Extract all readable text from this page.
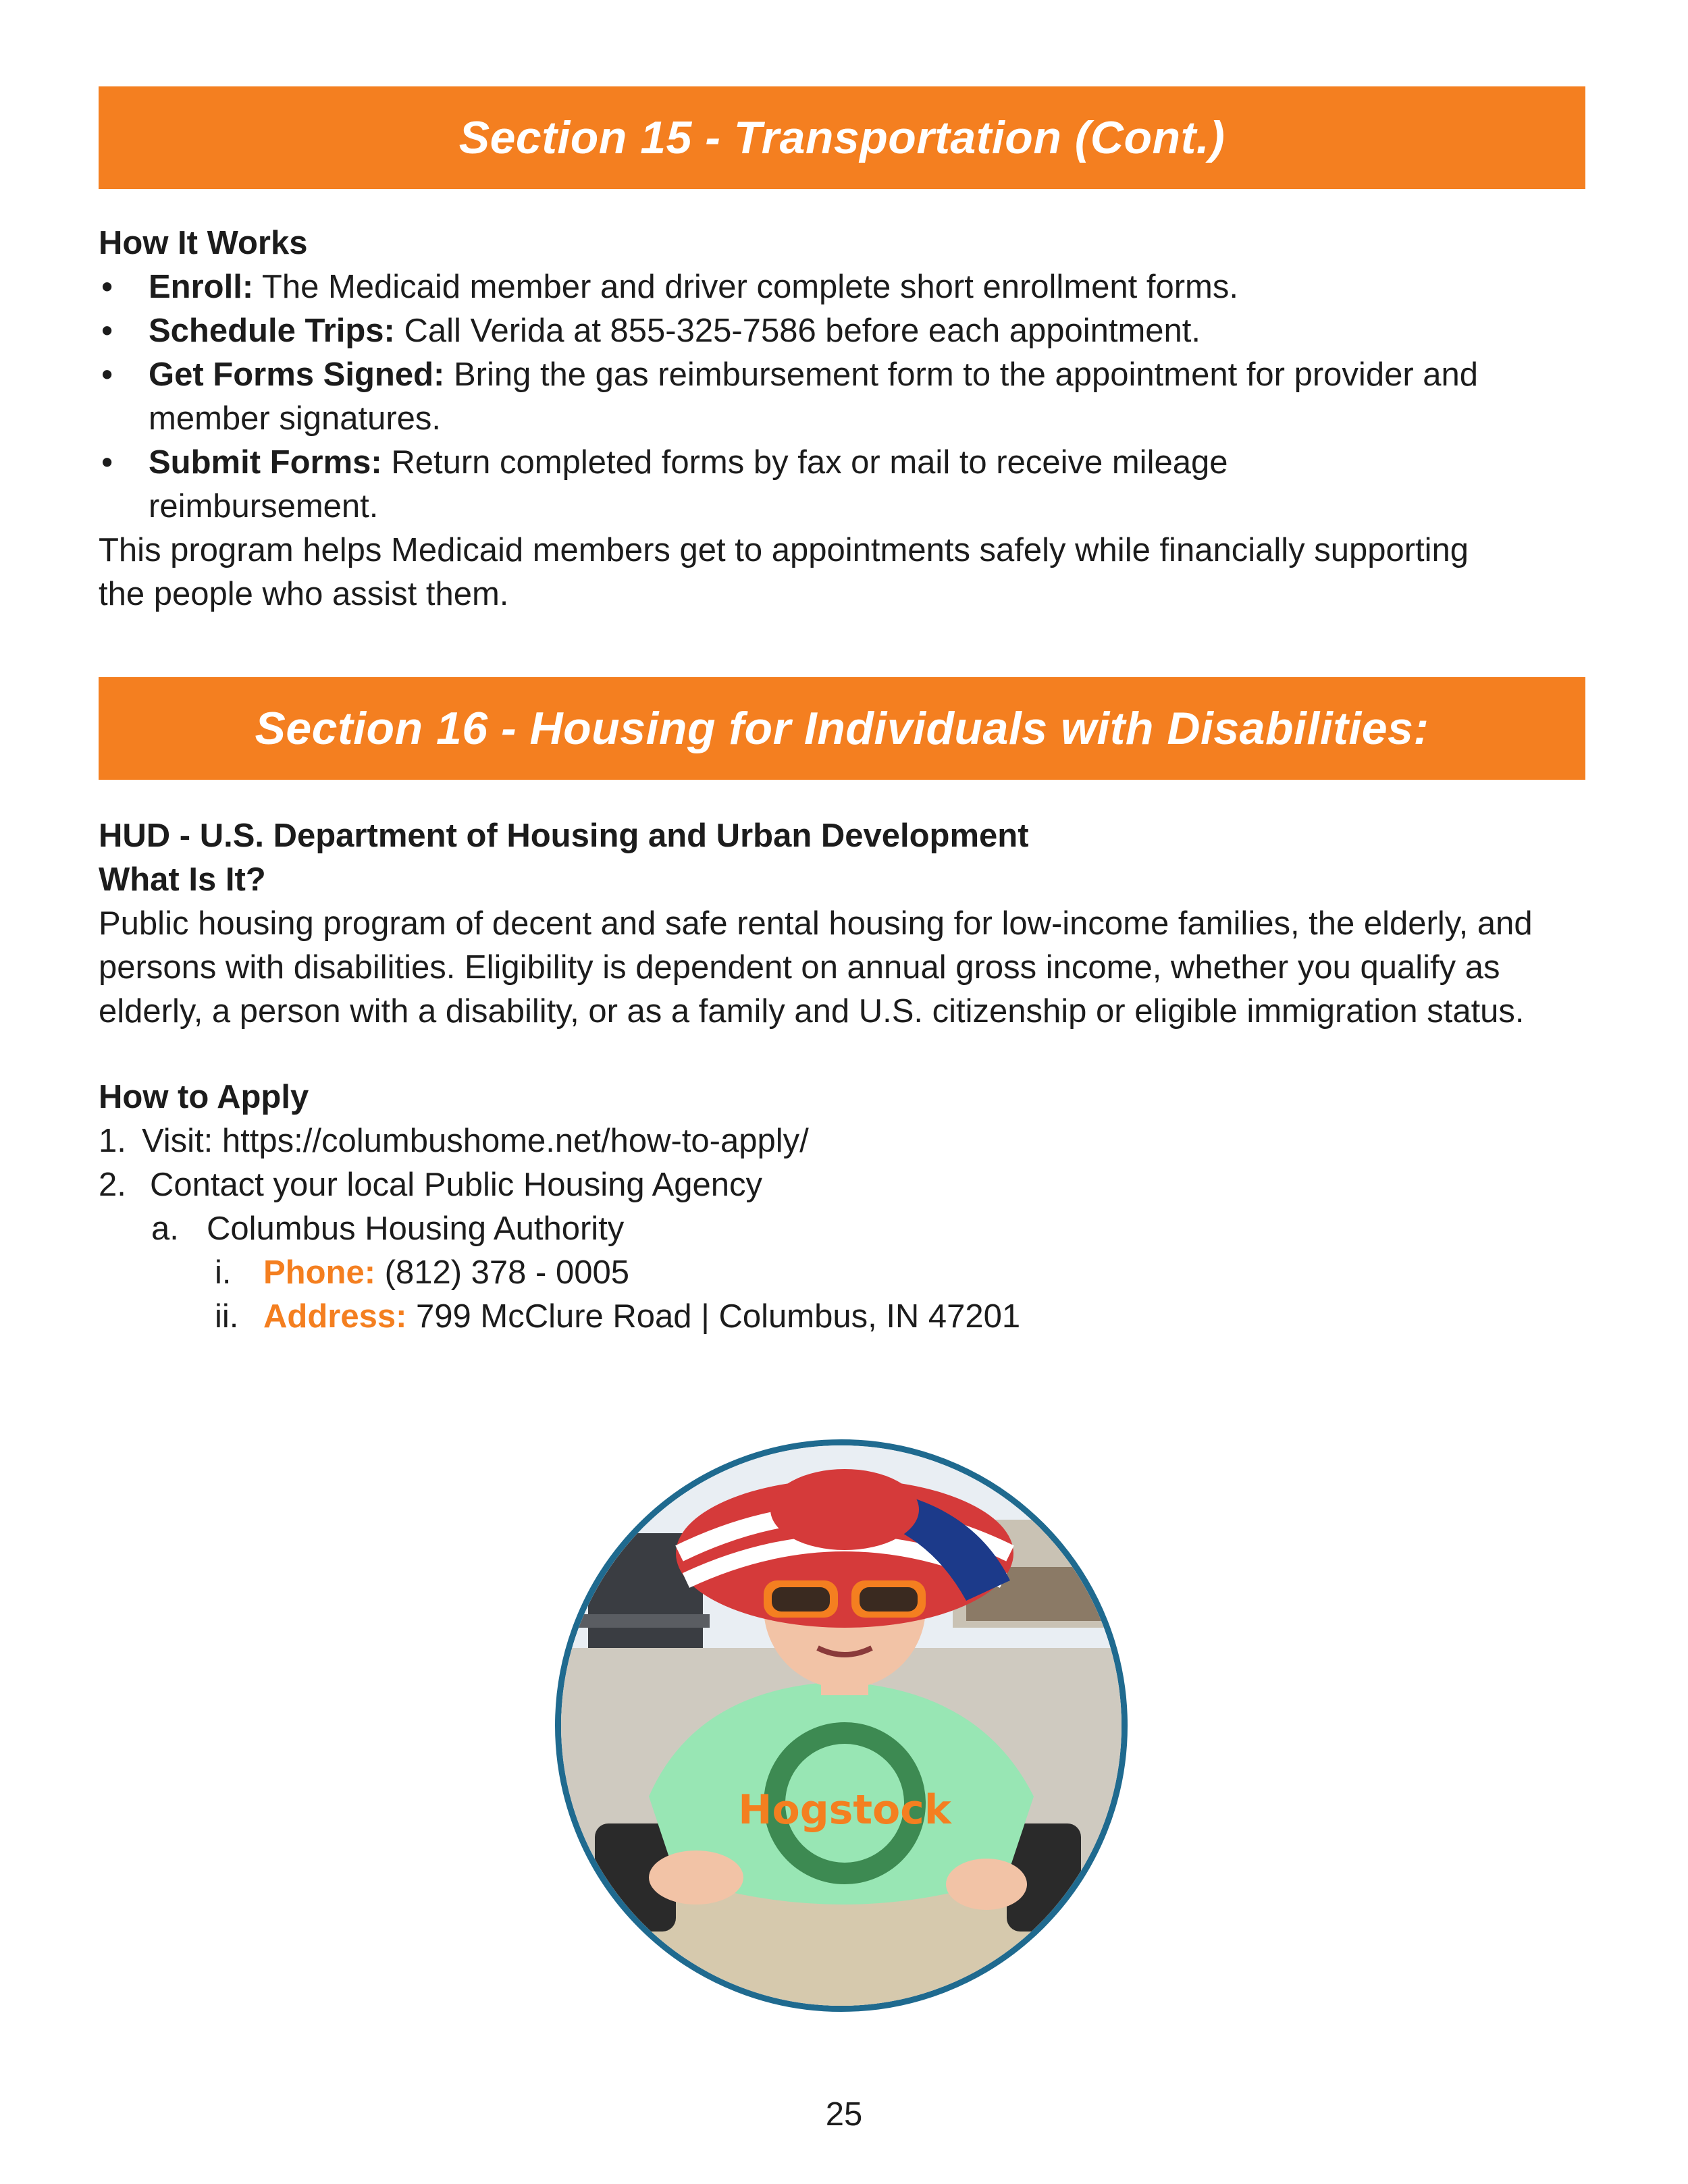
Section 15 - Transportation (Cont.)
How It Works
• Enroll: The Medicaid member and driver complete short enrollment forms.
• Schedule Trips: Call Verida at 855-325-7586 before each appointment.
• Get Forms Signed: Bring the gas reimbursement form to the appointment for provider and member signatures.
• Submit Forms: Return completed forms by fax or mail to receive mileage reimbursement.
This program helps Medicaid members get to appointments safely while financially supporting the people who assist them.
Section 16 - Housing for Individuals with Disabilities:
HUD - U.S. Department of Housing and Urban Development
What Is It?
Public housing program of decent and safe rental housing for low-income families, the elderly, and persons with disabilities. Eligibility is dependent on annual gross income, whether you qualify as elderly, a person with a disability, or as a family and U.S. citizenship or eligible immigration status.
How to Apply
1. Visit: https://columbushome.net/how-to-apply/
2. Contact your local Public Housing Agency
a. Columbus Housing Authority
i. Phone: (812) 378 - 0005
ii. Address: 799 McClure Road | Columbus, IN 47201
Hogstock
25
